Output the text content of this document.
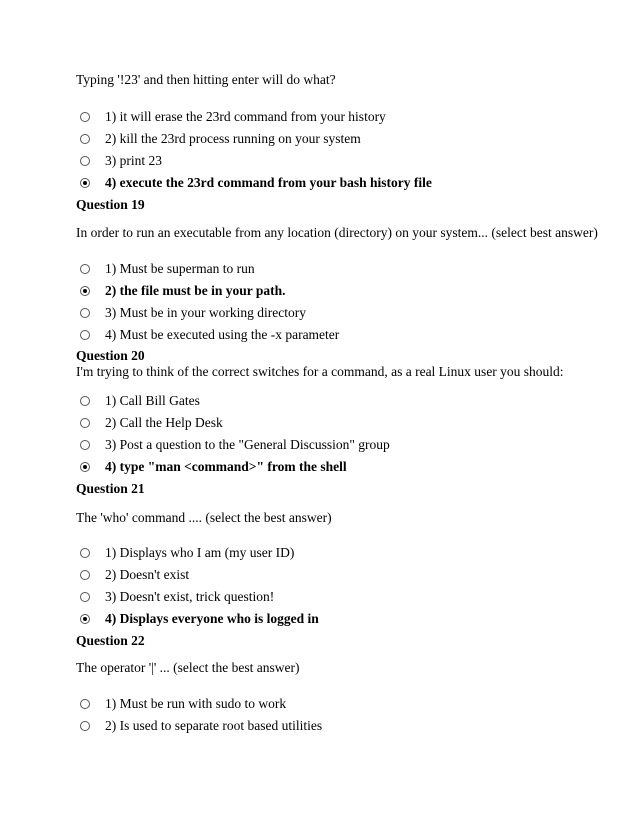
Typing '!23' and then hitting enter will do what?
1) it will erase the 23rd command from your history
2) kill the 23rd process running on your system
3) print 23
4) execute the 23rd command from your bash history file
Question 19
In order to run an executable from any location (directory) on your system... (select best answer)
1) Must be superman to run
2) the file must be in your path.
3) Must be in your working directory
4) Must be executed using the -x parameter
Question 20
I'm trying to think of the correct switches for a command, as a real Linux user you should:
1) Call Bill Gates
2) Call the Help Desk
3) Post a question to the "General Discussion" group
4) type "man <command>" from the shell
Question 21
The 'who' command .... (select the best answer)
1) Displays who I am (my user ID)
2) Doesn't exist
3) Doesn't exist, trick question!
4) Displays everyone who is logged in
Question 22
The operator '|' ... (select the best answer)
1) Must be run with sudo to work
2) Is used to separate root based utilities
